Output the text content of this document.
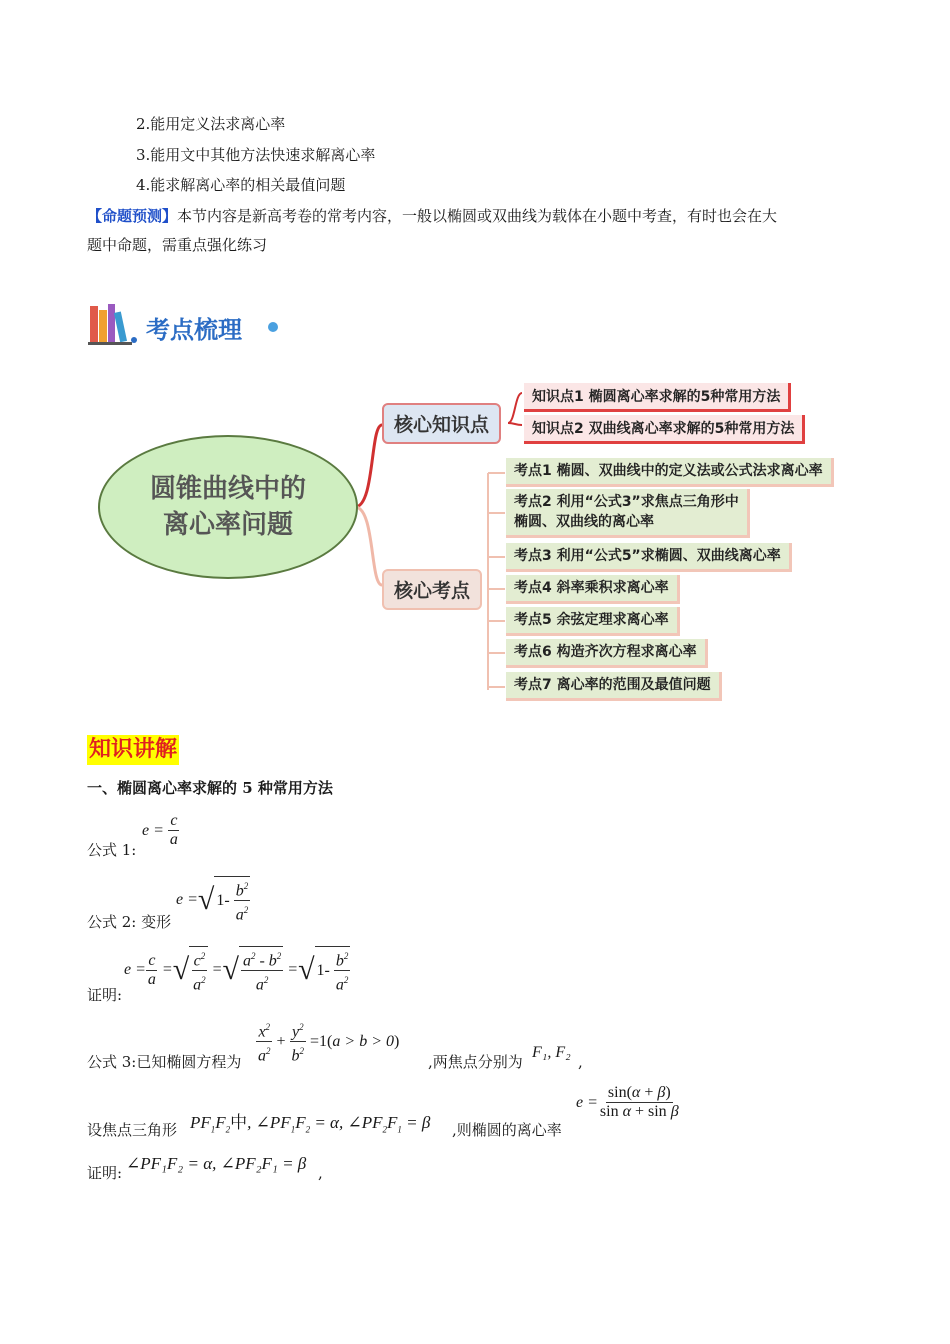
2.能用定义法求离心率
3.能用文中其他方法快速求解离心率
4.能求解离心率的相关最值问题
【命题预测】本节内容是新高考卷的常考内容，一般以椭圆或双曲线为载体在小题中考查，有时也会在大
题中命题，需重点强化练习
考点梳理
圆锥曲线中的
离心率问题
核心知识点
核心考点
知识点1 椭圆离心率求解的5种常用方法
知识点2 双曲线离心率求解的5种常用方法
考点1 椭圆、双曲线中的定义法或公式法求离心率
考点2 利用“公式3”求焦点三角形中
椭圆、双曲线的离心率
考点3 利用“公式5”求椭圆、双曲线离心率
考点4 斜率乘积求离心率
考点5 余弦定理求离心率
考点6 构造齐次方程求离心率
考点7 离心率的范围及最值问题
知识讲解
一、椭圆离心率求解的 5 种常用方法
公式 1:
$e = \frac{c}{a}$
公式 2: 变形
e = √ $1- \frac{b^2}{a^2}$
证明:
$e = \frac{c}{a}$ = √ $\frac{c^2}{a^2}$ = √ $\frac{a^2 - b^2}{a^2}$ = √ $1- \frac{b^2}{a^2}$
公式 3:已知椭圆方程为 $\frac{x^2}{a^2} + \frac{y^2}{b^2} =1$( a > b > 0 )
,两焦点分别为
F₁, F₂
,
设焦点三角形 $PF_1F_2$中, $\angle PF_1F_2 = \alpha$, $\angle PF_2F_1 = \beta$ ,则椭圆的离心率
$e = \frac{\sin(\alpha + \beta)}{\text{sin α + sin β}}$
证明: ∠PF₁F₂ = α, ∠PF₂F₁ = β ,
